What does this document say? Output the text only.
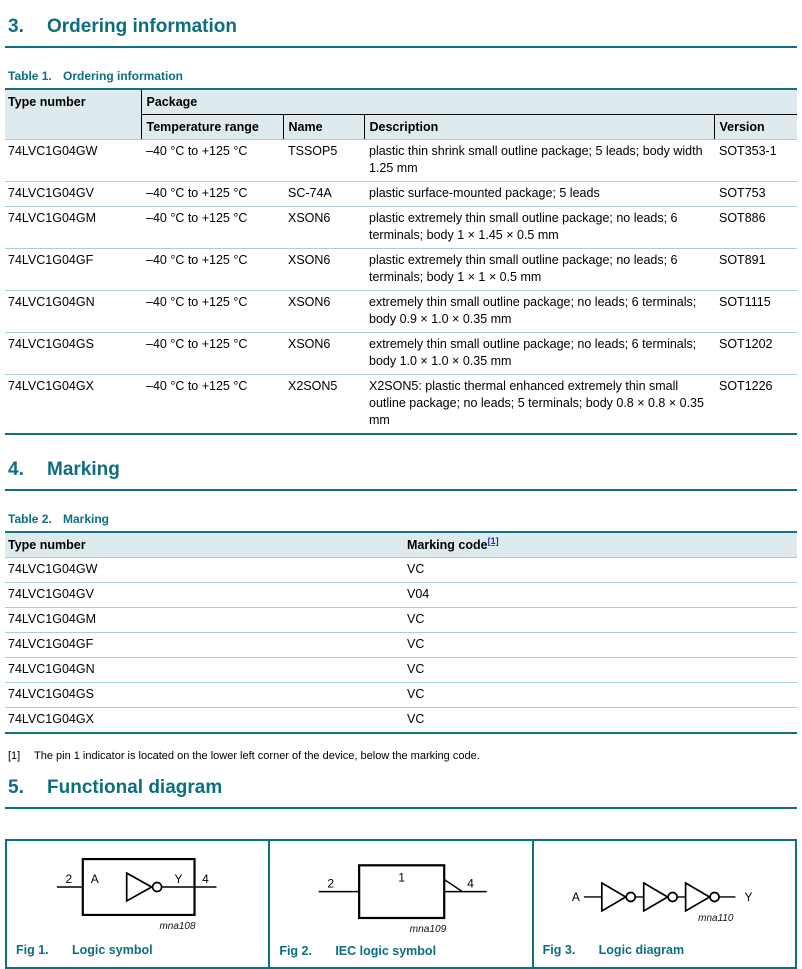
3.	Ordering information
Table 1. Ordering information
Type number	Package			
	Temperature range	Name	Description	Version
74LVC1G04GW	–40 °C to +125 °C	TSSOP5	plastic thin shrink small outline package; 5 leads; body width 1.25 mm	SOT353-1
74LVC1G04GV	–40 °C to +125 °C	SC-74A	plastic surface-mounted package; 5 leads	SOT753
74LVC1G04GM	–40 °C to +125 °C	XSON6	plastic extremely thin small outline package; no leads; 6 terminals; body 1 × 1.45 × 0.5 mm	SOT886
74LVC1G04GF	–40 °C to +125 °C	XSON6	plastic extremely thin small outline package; no leads; 6 terminals; body 1 × 1 × 0.5 mm	SOT891
74LVC1G04GN	–40 °C to +125 °C	XSON6	extremely thin small outline package; no leads; 6 terminals; body 0.9 × 1.0 × 0.35 mm	SOT1115
74LVC1G04GS	–40 °C to +125 °C	XSON6	extremely thin small outline package; no leads; 6 terminals; body 1.0 × 1.0 × 0.35 mm	SOT1202
74LVC1G04GX	–40 °C to +125 °C	X2SON5	X2SON5: plastic thermal enhanced extremely thin small outline package; no leads; 5 terminals; body 0.8 × 0.8 × 0.35 mm	SOT1226
4.	Marking
Table 2. Marking
Type number	Marking code[1]
74LVC1G04GW	VC
74LVC1G04GV	V04
74LVC1G04GM	VC
74LVC1G04GF	VC
74LVC1G04GN	VC
74LVC1G04GS	VC
74LVC1G04GX	VC
[1]	The pin 1 indicator is located on the lower left corner of the device, below the marking code.
5.	Functional diagram
2 A	Y 4
mna108
Fig 1.	Logic symbol
1
2	4
mna109
Fig 2.	IEC logic symbol
A	Y
mna110
Fig 3.	Logic diagram
